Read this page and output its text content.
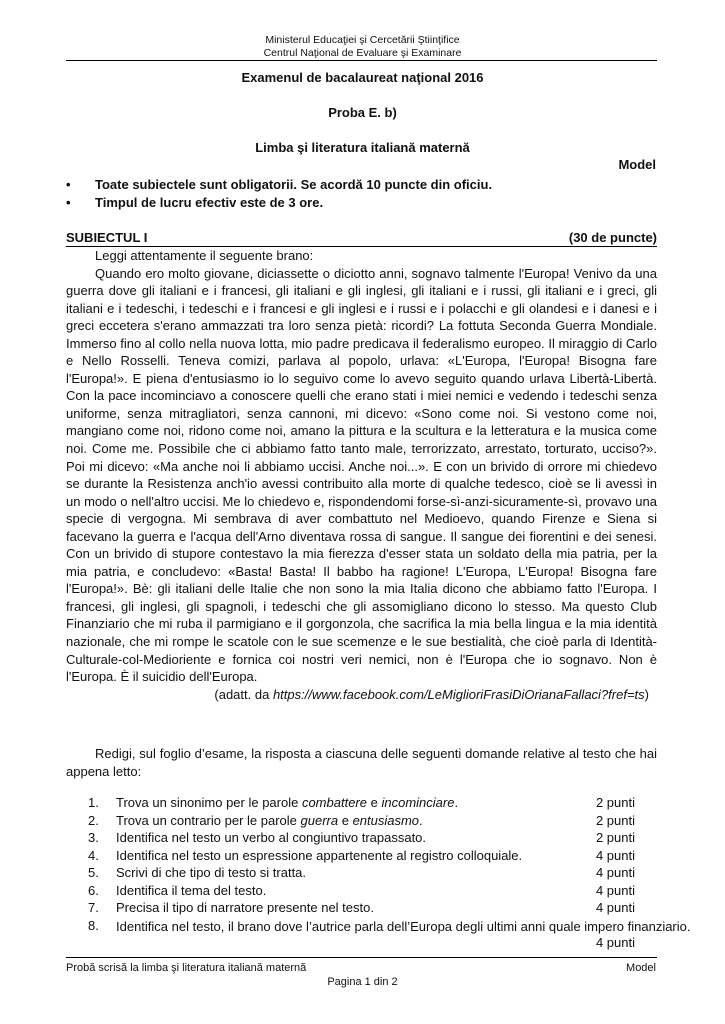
Ministerul Educaţiei şi Cercetării Ştiinţifice
Centrul Naţional de Evaluare şi Examinare
Examenul de bacalaureat naţional 2016
Proba E. b)
Limba şi literatura italiană maternă
Model
• Toate subiectele sunt obligatorii. Se acordă 10 puncte din oficiu.
• Timpul de lucru efectiv este de 3 ore.
SUBIECTUL I	(30 de puncte)

Leggi attentamente il seguente brano:

Quando ero molto giovane, diciassette o diciotto anni, sognavo talmente l'Europa! Venivo da una guerra dove gli italiani e i francesi, gli italiani e gli inglesi, gli italiani e i russi, gli italiani e i greci, gli italiani e i tedeschi, i tedeschi e i francesi e gli inglesi e i russi e i polacchi e gli olandesi e i danesi e i greci eccetera s'erano ammazzati tra loro senza pietà: ricordi? La fottuta Seconda Guerra Mondiale. Immerso fino al collo nella nuova lotta, mio padre predicava il federalismo europeo. Il miraggio di Carlo e Nello Rosselli. Teneva comizi, parlava al popolo, urlava: «L'Europa, l'Europa! Bisogna fare l'Europa!». E piena d'entusiasmo io lo seguivo come lo avevo seguito quando urlava Libertà-Libertà. Con la pace incominciavo a conoscere quelli che erano stati i miei nemici e vedendo i tedeschi senza uniforme, senza mitragliatori, senza cannoni, mi dicevo: «Sono come noi. Si vestono come noi, mangiano come noi, ridono come noi, amano la pittura e la scultura e la letteratura e la musica come noi. Come me. Possibile che ci abbiamo fatto tanto male, terrorizzato, arrestato, torturato, ucciso?». Poi mi dicevo: «Ma anche noi li abbiamo uccisi. Anche noi...». E con un brivido di orrore mi chiedevo se durante la Resistenza anch'io avessi contribuito alla morte di qualche tedesco, cioè se li avessi in un modo o nell'altro uccisi. Me lo chiedevo e, rispondendomi forse-sì-anzi-sicuramente-sì, provavo una specie di vergogna. Mi sembrava di aver combattuto nel Medioevo, quando Firenze e Siena si facevano la guerra e l'acqua dell'Arno diventava rossa di sangue. Il sangue dei fiorentini e dei senesi. Con un brivido di stupore contestavo la mia fierezza d'esser stata un soldato della mia patria, per la mia patria, e concludevo: «Basta! Basta! Il babbo ha ragione! L'Europa, L'Europa! Bisogna fare l'Europa!». Bè: gli italiani delle Italie che non sono la mia Italia dicono che abbiamo fatto l'Europa. I francesi, gli inglesi, gli spagnoli, i tedeschi che gli assomigliano dicono lo stesso. Ma questo Club Finanziario che mi ruba il parmigiano e il gorgonzola, che sacrifica la mia bella lingua e la mia identità nazionale, che mi rompe le scatole con le sue scemenze e le sue bestialità, che cioè parla di Identità-Culturale-col-Medioriente e fornica coi nostri veri nemici, non è l'Europa che io sognavo. Non è l'Europa. È il suicidio dell'Europa.

(adatt. da https://www.facebook.com/LeMiglioriFrasiDiOrianaFallaci?fref=ts)

Redigi, sul foglio d’esame, la risposta a ciascuna delle seguenti domande relative al testo che hai appena letto:

1. Trova un sinonimo per le parole combattere e incominciare.	2 punti
2. Trova un contrario per le parole guerra e entusiasmo.	2 punti
3. Identifica nel testo un verbo al congiuntivo trapassato.	2 punti
4. Identifica nel testo un espressione appartenente al registro colloquiale.	4 punti
5. Scrivi di che tipo di testo si tratta.	4 punti
6. Identifica il tema del testo.	4 punti
7. Precisa il tipo di narratore presente nel testo.	4 punti
8. Identifica nel testo, il brano dove l’autrice parla dell’Europa degli ultimi anni quale impero finanziario.
4 punti
Probă scrisă la limba şi literatura italiană maternă	Model
Pagina 1 din 2
